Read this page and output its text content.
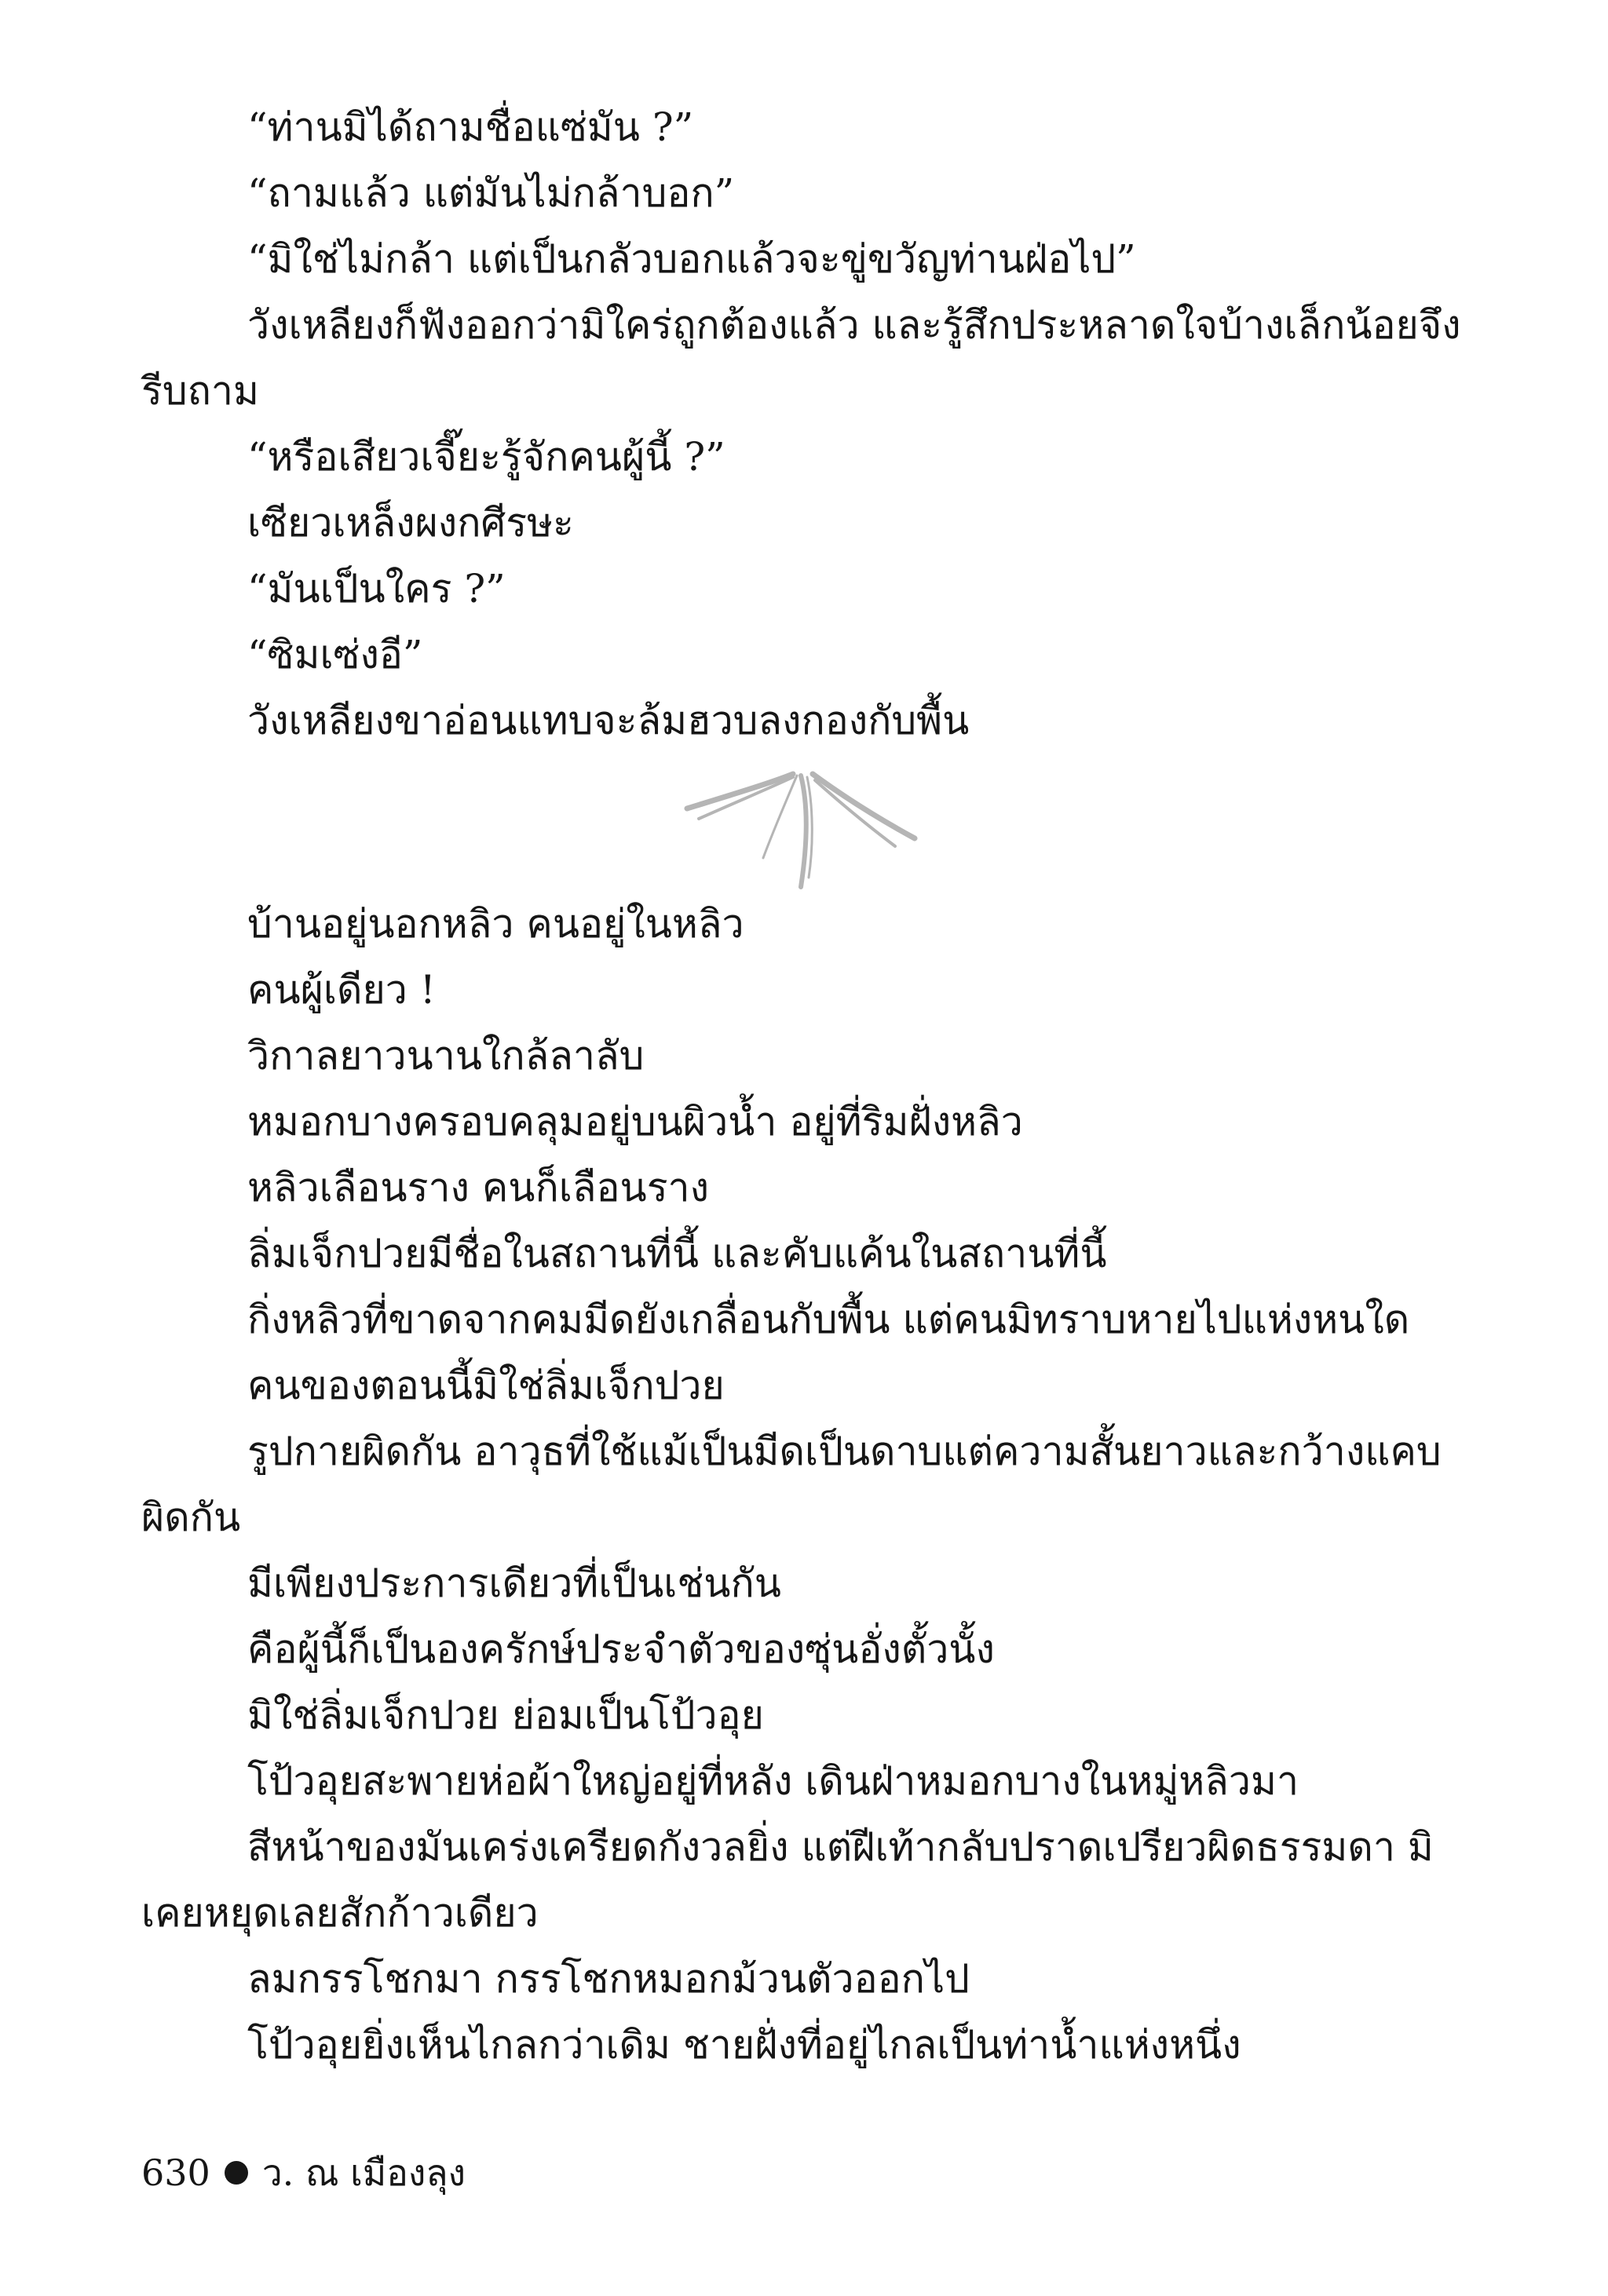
“ท่านมิได้ถามชื่อแซ่มัน ?”

“ถามแล้ว แต่มันไม่กล้าบอก”

“มิใช่ไม่กล้า แต่เป็นกลัวบอกแล้วจะขู่ขวัญท่านฝ่อไป”

วังเหลียงก็ฟังออกว่ามิใคร่ถูกต้องแล้ว และรู้สึกประหลาดใจบ้างเล็กน้อยจึงรีบถาม

“หรือเสียวเจี๊ยะรู้จักคนผู้นี้ ?”

เซียวเหล็งผงกศีรษะ

“มันเป็นใคร ?”

“ซิมเซ่งอี”

วังเหลียงขาอ่อนแทบจะล้มฮวบลงกองกับพื้น

บ้านอยู่นอกหลิว คนอยู่ในหลิว

คนผู้เดียว !

วิกาลยาวนานใกล้ลาลับ

หมอกบางครอบคลุมอยู่บนผิวน้ำ อยู่ที่ริมฝั่งหลิว

หลิวเลือนราง คนก็เลือนราง

ลิ่มเจ็กปวยมีชื่อในสถานที่นี้ และคับแค้นในสถานที่นี้

กิ่งหลิวที่ขาดจากคมมีดยังเกลื่อนกับพื้น แต่คนมิทราบหายไปแห่งหนใด

คนของตอนนี้มิใช่ลิ่มเจ็กปวย

รูปกายผิดกัน อาวุธที่ใช้แม้เป็นมีดเป็นดาบแต่ความสั้นยาวและกว้างแคบผิดกัน

มีเพียงประการเดียวที่เป็นเช่นกัน

คือผู้นี้ก็เป็นองครักษ์ประจำตัวของซุ่นอั่งตั้วนั้ง

มิใช่ลิ่มเจ็กปวย ย่อมเป็นโป้วอุย

โป้วอุยสะพายห่อผ้าใหญ่อยู่ที่หลัง เดินฝ่าหมอกบางในหมู่หลิวมา

สีหน้าของมันเคร่งเครียดกังวลยิ่ง แต่ฝีเท้ากลับปราดเปรียวผิดธรรมดา มิเคยหยุดเลยสักก้าวเดียว

ลมกรรโชกมา กรรโชกหมอกม้วนตัวออกไป

โป้วอุยยิ่งเห็นไกลกว่าเดิม ชายฝั่งที่อยู่ไกลเป็นท่าน้ำแห่งหนึ่ง

630 ว. ณ เมืองลุง
